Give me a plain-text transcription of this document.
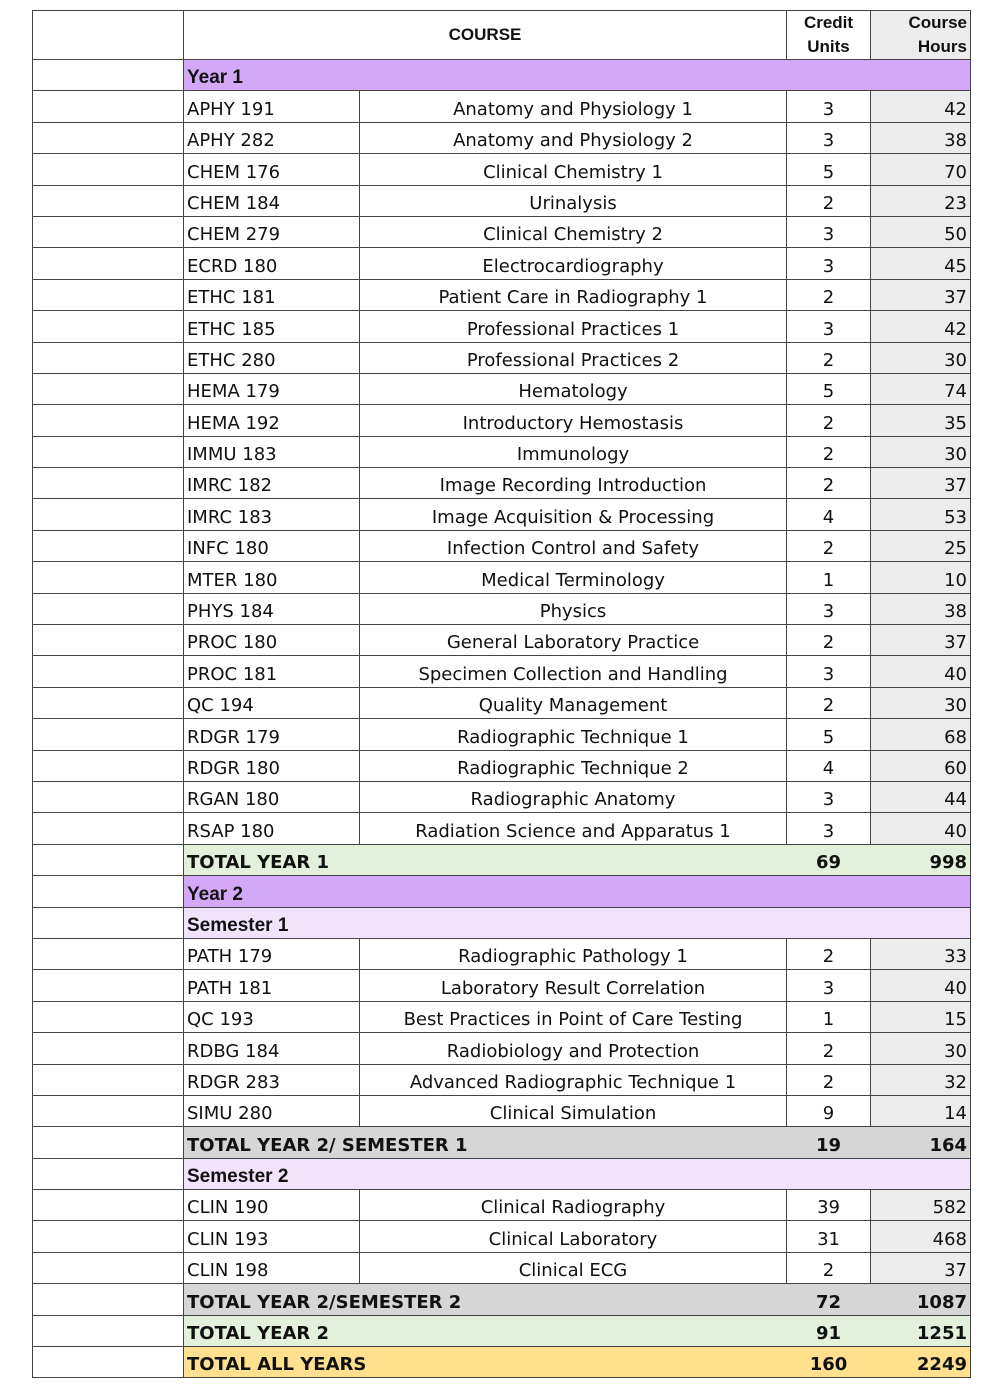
	COURSE		Credit Units	Course Hours
	Year 1			
	APHY 191	Anatomy and Physiology 1	3	42
	APHY 282	Anatomy and Physiology 2	3	38
	CHEM 176	Clinical Chemistry 1	5	70
	CHEM 184	Urinalysis	2	23
	CHEM 279	Clinical Chemistry 2	3	50
	ECRD 180	Electrocardiography	3	45
	ETHC 181	Patient Care in Radiography 1	2	37
	ETHC 185	Professional Practices 1	3	42
	ETHC 280	Professional Practices 2	2	30
	HEMA 179	Hematology	5	74
	HEMA 192	Introductory Hemostasis	2	35
	IMMU 183	Immunology	2	30
	IMRC 182	Image Recording Introduction	2	37
	IMRC 183	Image Acquisition & Processing	4	53
	INFC 180	Infection Control and Safety	2	25
	MTER 180	Medical Terminology	1	10
	PHYS 184	Physics	3	38
	PROC 180	General Laboratory Practice	2	37
	PROC 181	Specimen Collection and Handling	3	40
	QC 194	Quality Management	2	30
	RDGR 179	Radiographic Technique 1	5	68
	RDGR 180	Radiographic Technique 2	4	60
	RGAN 180	Radiographic Anatomy	3	44
	RSAP 180	Radiation Science and Apparatus 1	3	40
	TOTAL YEAR 1		69	998
	Year 2			
	Semester 1			
	PATH 179	Radiographic Pathology 1	2	33
	PATH 181	Laboratory Result Correlation	3	40
	QC 193	Best Practices in Point of Care Testing	1	15
	RDBG 184	Radiobiology and Protection	2	30
	RDGR 283	Advanced Radiographic Technique 1	2	32
	SIMU 280	Clinical Simulation	9	14
	TOTAL YEAR 2/ SEMESTER 1		19	164
	Semester 2			
	CLIN 190	Clinical Radiography	39	582
	CLIN 193	Clinical Laboratory	31	468
	CLIN 198	Clinical ECG	2	37
	TOTAL YEAR 2/SEMESTER 2		72	1087
	TOTAL YEAR 2		91	1251
	TOTAL ALL YEARS		160	2249
